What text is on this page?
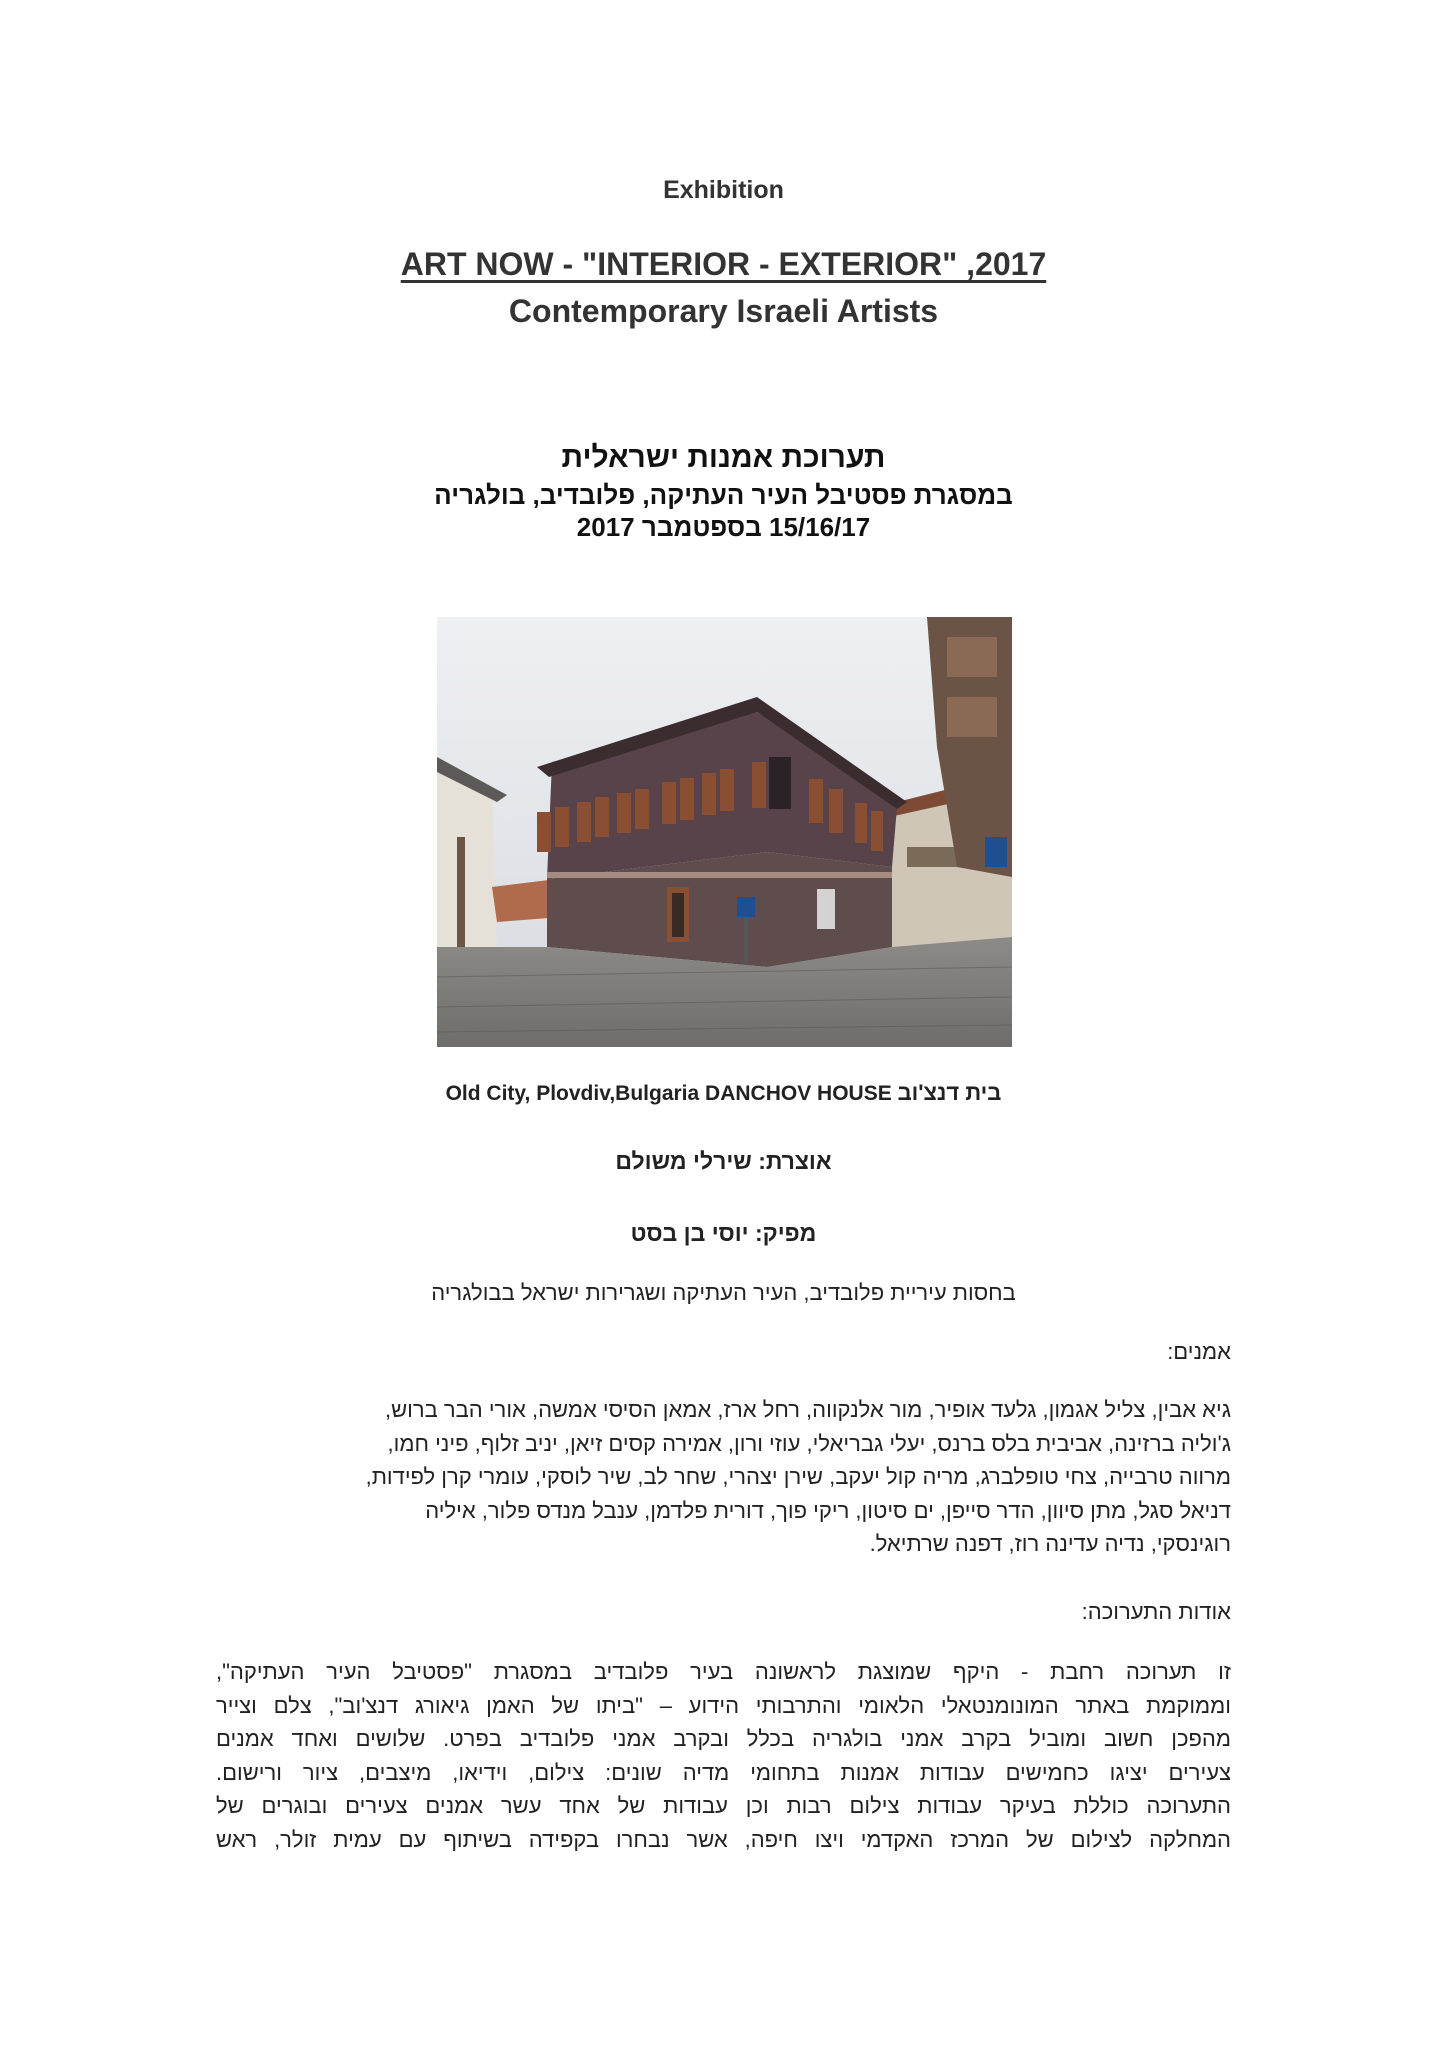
Exhibition
ART NOW - "INTERIOR - EXTERIOR" ,2017
Contemporary Israeli Artists
תערוכת אמנות ישראלית
במסגרת פסטיבל העיר העתיקה, פלובדיב, בולגריה
15/16/17 בספטמבר 2017
Old City, Plovdiv,Bulgaria DANCHOV HOUSE בית דנצ'וב
אוצרת: שירלי משולם
מפיק: יוסי בן בסט
בחסות עיריית פלובדיב, העיר העתיקה ושגרירות ישראל בבולגריה
אמנים:
גיא אבין, צליל אגמון, גלעד אופיר, מור אלנקווה, רחל ארז, אמאן הסיסי אמשה, אורי הבר ברוש,
ג'וליה ברזינה, אביבית בלס ברנס, יעלי גבריאלי, עוזי ורון, אמירה קסים זיאן, יניב זלוף, פיני חמו,
מרווה טרבייה, צחי טופלברג, מריה קול יעקב, שירן יצהרי, שחר לב, שיר לוסקי, עומרי קרן לפידות,
דניאל סגל, מתן סיוון, הדר סייפן, ים סיטון, ריקי פוך, דורית פלדמן, ענבל מנדס פלור, איליה
רוגינסקי, נדיה עדינה רוז, דפנה שרתיאל.
אודות התערוכה:
זו תערוכה רחבת - היקף שמוצגת לראשונה בעיר פלובדיב במסגרת "פסטיבל העיר העתיקה",
וממוקמת באתר המונומנטאלי הלאומי והתרבותי הידוע – "ביתו של האמן גיאורג דנצ'וב", צלם וצייר
מהפכן חשוב ומוביל בקרב אמני בולגריה בכלל ובקרב אמני פלובדיב בפרט. שלושים ואחד אמנים
צעירים יציגו כחמישים עבודות אמנות בתחומי מדיה שונים: צילום, וידיאו, מיצבים, ציור ורישום.
התערוכה כוללת בעיקר עבודות צילום רבות וכן עבודות של אחד עשר אמנים צעירים ובוגרים של
המחלקה לצילום של המרכז האקדמי ויצו חיפה, אשר נבחרו בקפידה בשיתוף עם עמית זולר, ראש
